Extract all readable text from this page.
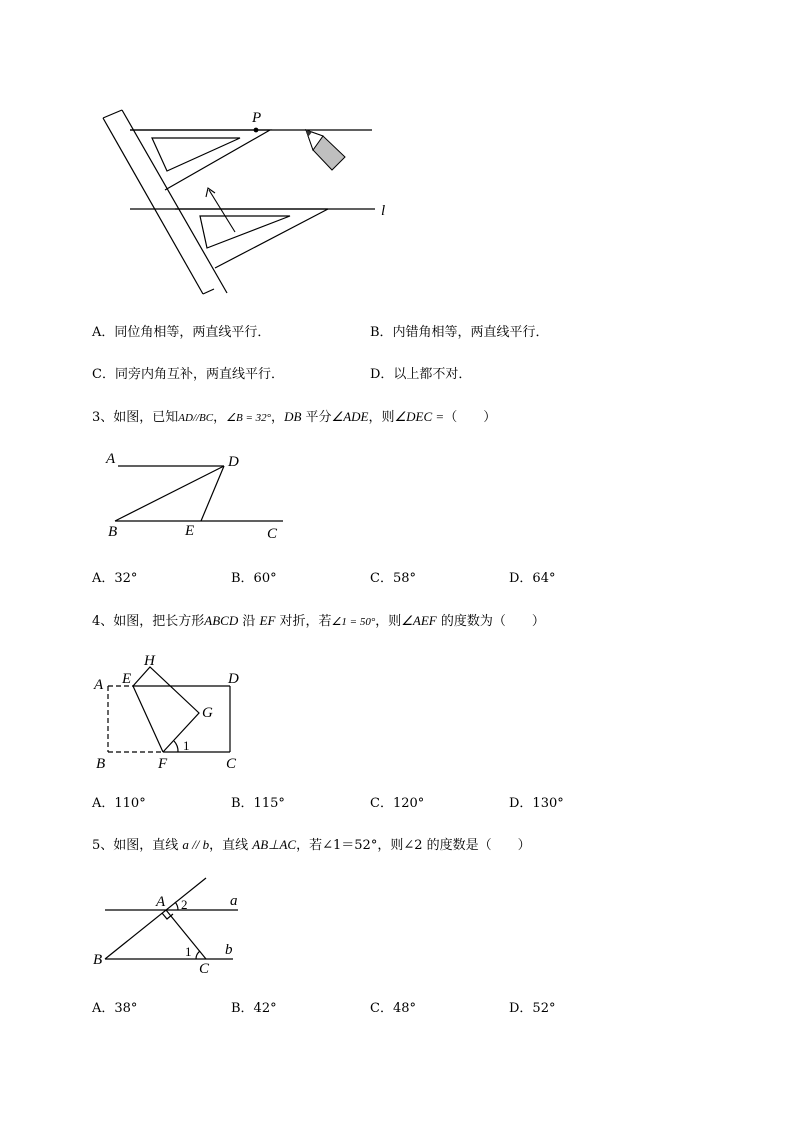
P
l
A．同位角相等，两直线平行．	B．内错角相等，两直线平行．
C．同旁内角互补，两直线平行．	D．以上都不对．
3、如图，已知AD//BC，∠B = 32°，DB 平分∠ADE，则∠DEC =（　　）
A	D
B	E	C
A．32°	B．60°	C．58°	D．64°
4、如图，把长方形ABCD 沿 EF 对折，若∠1 = 50°，则∠AEF 的度数为（　　）
A E
H
D
G
1
B	F	C
A．110°	B．115°	C．120°	D．130°
5、如图，直线 a // b，直线 AB⊥AC，若∠1＝52°，则∠2 的度数是（　　）
A 2	a
B
1
C
b
A．38°	B．42°	C．48°	D．52°
